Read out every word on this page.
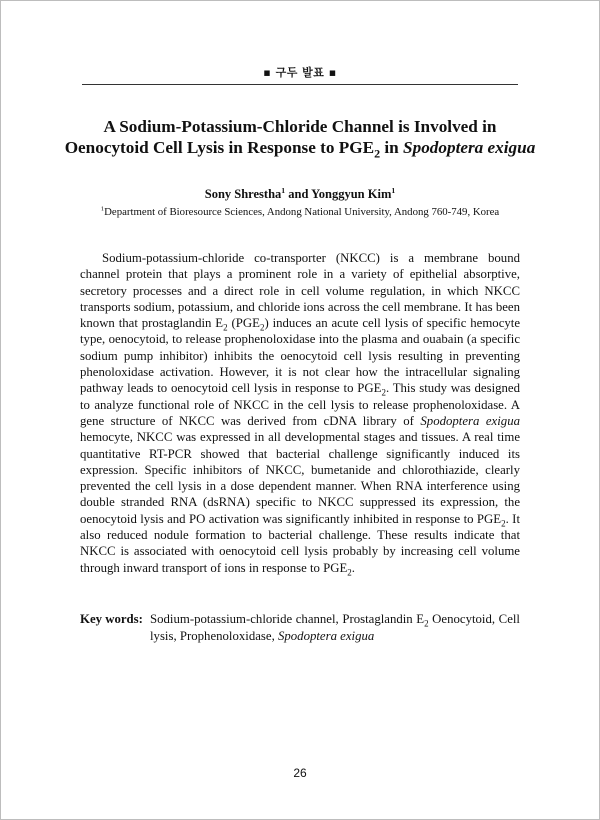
▪ 구두 발표 ▪
A Sodium-Potassium-Chloride Channel is Involved in
Oenocytoid Cell Lysis in Response to $PGE_2$ in Spodoptera exigua
Sony Shrestha$^1$ and Yonggyun Kim$^1$
$^1$Department of Bioresource Sciences, Andong National University, Andong 760-749, Korea

Sodium-potassium-chloride co-transporter (NKCC) is a membrane bound channel protein that plays a prominent role in a variety of epithelial absorptive, secretory processes and a direct role in cell volume regulation, in which NKCC transports sodium, potassium, and chloride ions across the cell membrane. It has been known that prostaglandin $E_2$ $(PGE_2)$ induces an acute cell lysis of specific hemocyte type, oenocytoid, to release prophenoloxidase into the plasma and ouabain (a specific sodium pump inhibitor) inhibits the oenocytoid cell lysis resulting in preventing phenoloxidase activation. However, it is not clear how the intracellular signaling pathway leads to oenocytoid cell lysis in response to $PGE_2$. This study was designed to analyze functional role of NKCC in the cell lysis to release prophenoloxidase. A gene structure of NKCC was derived from cDNA library of Spodoptera exigua hemocyte, NKCC was expressed in all developmental stages and tissues. A real time quantitative RT-PCR showed that bacterial challenge significantly induced its expression. Specific inhibitors of NKCC, bumetanide and chlorothiazide, clearly prevented the cell lysis in a dose dependent manner. When RNA interference using double stranded RNA (dsRNA) specific to NKCC suppressed its expression, the oenocytoid lysis and PO activation was significantly inhibited in response to $PGE_2$. It also reduced nodule formation to bacterial challenge. These results indicate that NKCC is associated with oenocytoid cell lysis probably by increasing cell volume through inward transport of ions in response to $PGE_2$.

Key words: Sodium-potassium-chloride channel, Prostaglandin $E_2$ Oenocytoid, Cell lysis, Prophenoloxidase, Spodoptera exigua
26
